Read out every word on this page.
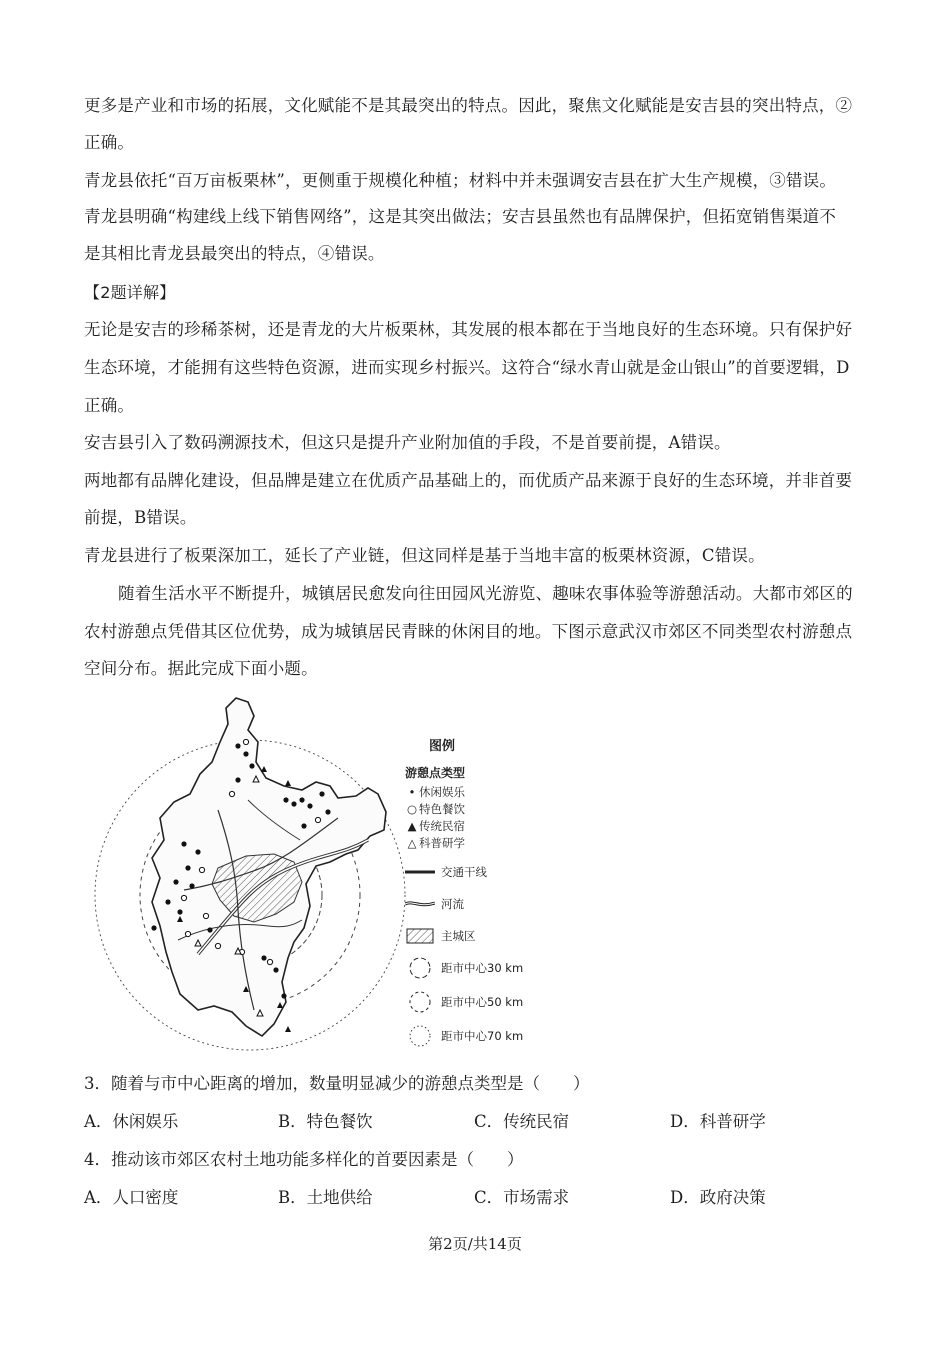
更多是产业和市场的拓展，文化赋能不是其最突出的特点。因此，聚焦文化赋能是安吉县的突出特点，②
正确。
青龙县依托“百万亩板栗林”，更侧重于规模化种植；材料中并未强调安吉县在扩大生产规模，③错误。
青龙县明确“构建线上线下销售网络”，这是其突出做法；安吉县虽然也有品牌保护，但拓宽销售渠道不
是其相比青龙县最突出的特点，④错误。
【2题详解】
无论是安吉的珍稀茶树，还是青龙的大片板栗林，其发展的根本都在于当地良好的生态环境。只有保护好
生态环境，才能拥有这些特色资源，进而实现乡村振兴。这符合“绿水青山就是金山银山”的首要逻辑，D
正确。
安吉县引入了数码溯源技术，但这只是提升产业附加值的手段，不是首要前提，A错误。
两地都有品牌化建设，但品牌是建立在优质产品基础上的，而优质产品来源于良好的生态环境，并非首要
前提，B错误。
青龙县进行了板栗深加工，延长了产业链，但这同样是基于当地丰富的板栗林资源，C错误。
随着生活水平不断提升，城镇居民愈发向往田园风光游览、趣味农事体验等游憩活动。大都市郊区的
农村游憩点凭借其区位优势，成为城镇居民青睐的休闲目的地。下图示意武汉市郊区不同类型农村游憩点
空间分布。据此完成下面小题。
图例
游憩点类型
• 休闲娱乐
○ 特色餐饮
▲ 传统民宿
△ 科普研学
交通干线
河流
主城区
距市中心30 km
距市中心50 km
距市中心70 km
3．随着与市中心距离的增加，数量明显减少的游憩点类型是（　　）
A．休闲娱乐	B．特色餐饮	C．传统民宿	D．科普研学
4．推动该市郊区农村土地功能多样化的首要因素是（　　）
A．人口密度	B．土地供给	C．市场需求	D．政府决策
第2页/共14页
